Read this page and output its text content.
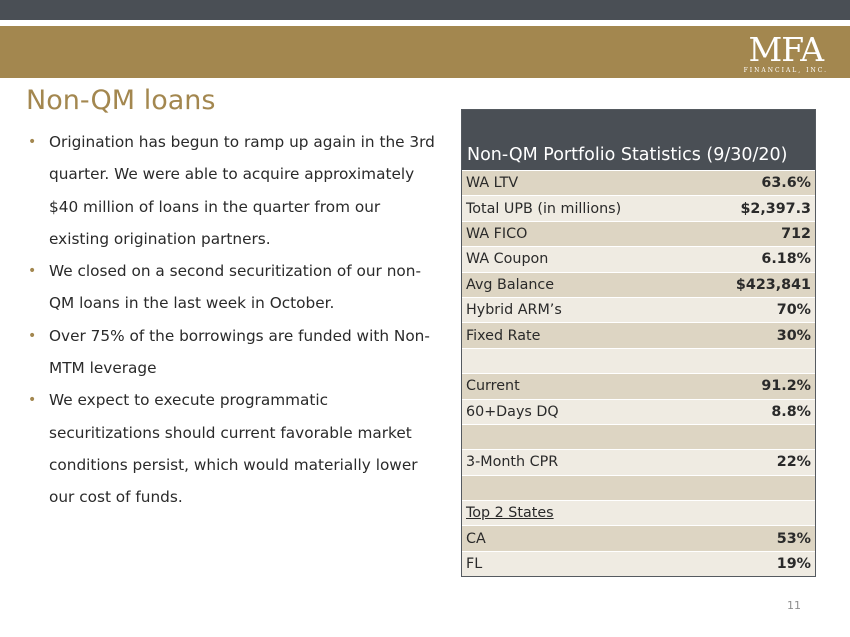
MFA
FINANCIAL, INC.
Non-QM loans
• Origination has begun to ramp up again in the 3rd quarter. We were able to acquire approximately $40 million of loans in the quarter from our existing origination partners.
• We closed on a second securitization of our non-QM loans in the last week in October.
• Over 75% of the borrowings are funded with Non-MTM leverage
• We expect to execute programmatic securitizations should current favorable market conditions persist, which would materially lower our cost of funds.
Non-QM Portfolio Statistics (9/30/20)
WA LTV	63.6%
Total UPB (in millions)	$2,397.3
WA FICO	712
WA Coupon	6.18%
Avg Balance	$423,841
Hybrid ARM’s	70%
Fixed Rate	30%
Current	91.2%
60+Days DQ	8.8%
3-Month CPR	22%
Top 2 States
CA	53%
FL	19%
11
